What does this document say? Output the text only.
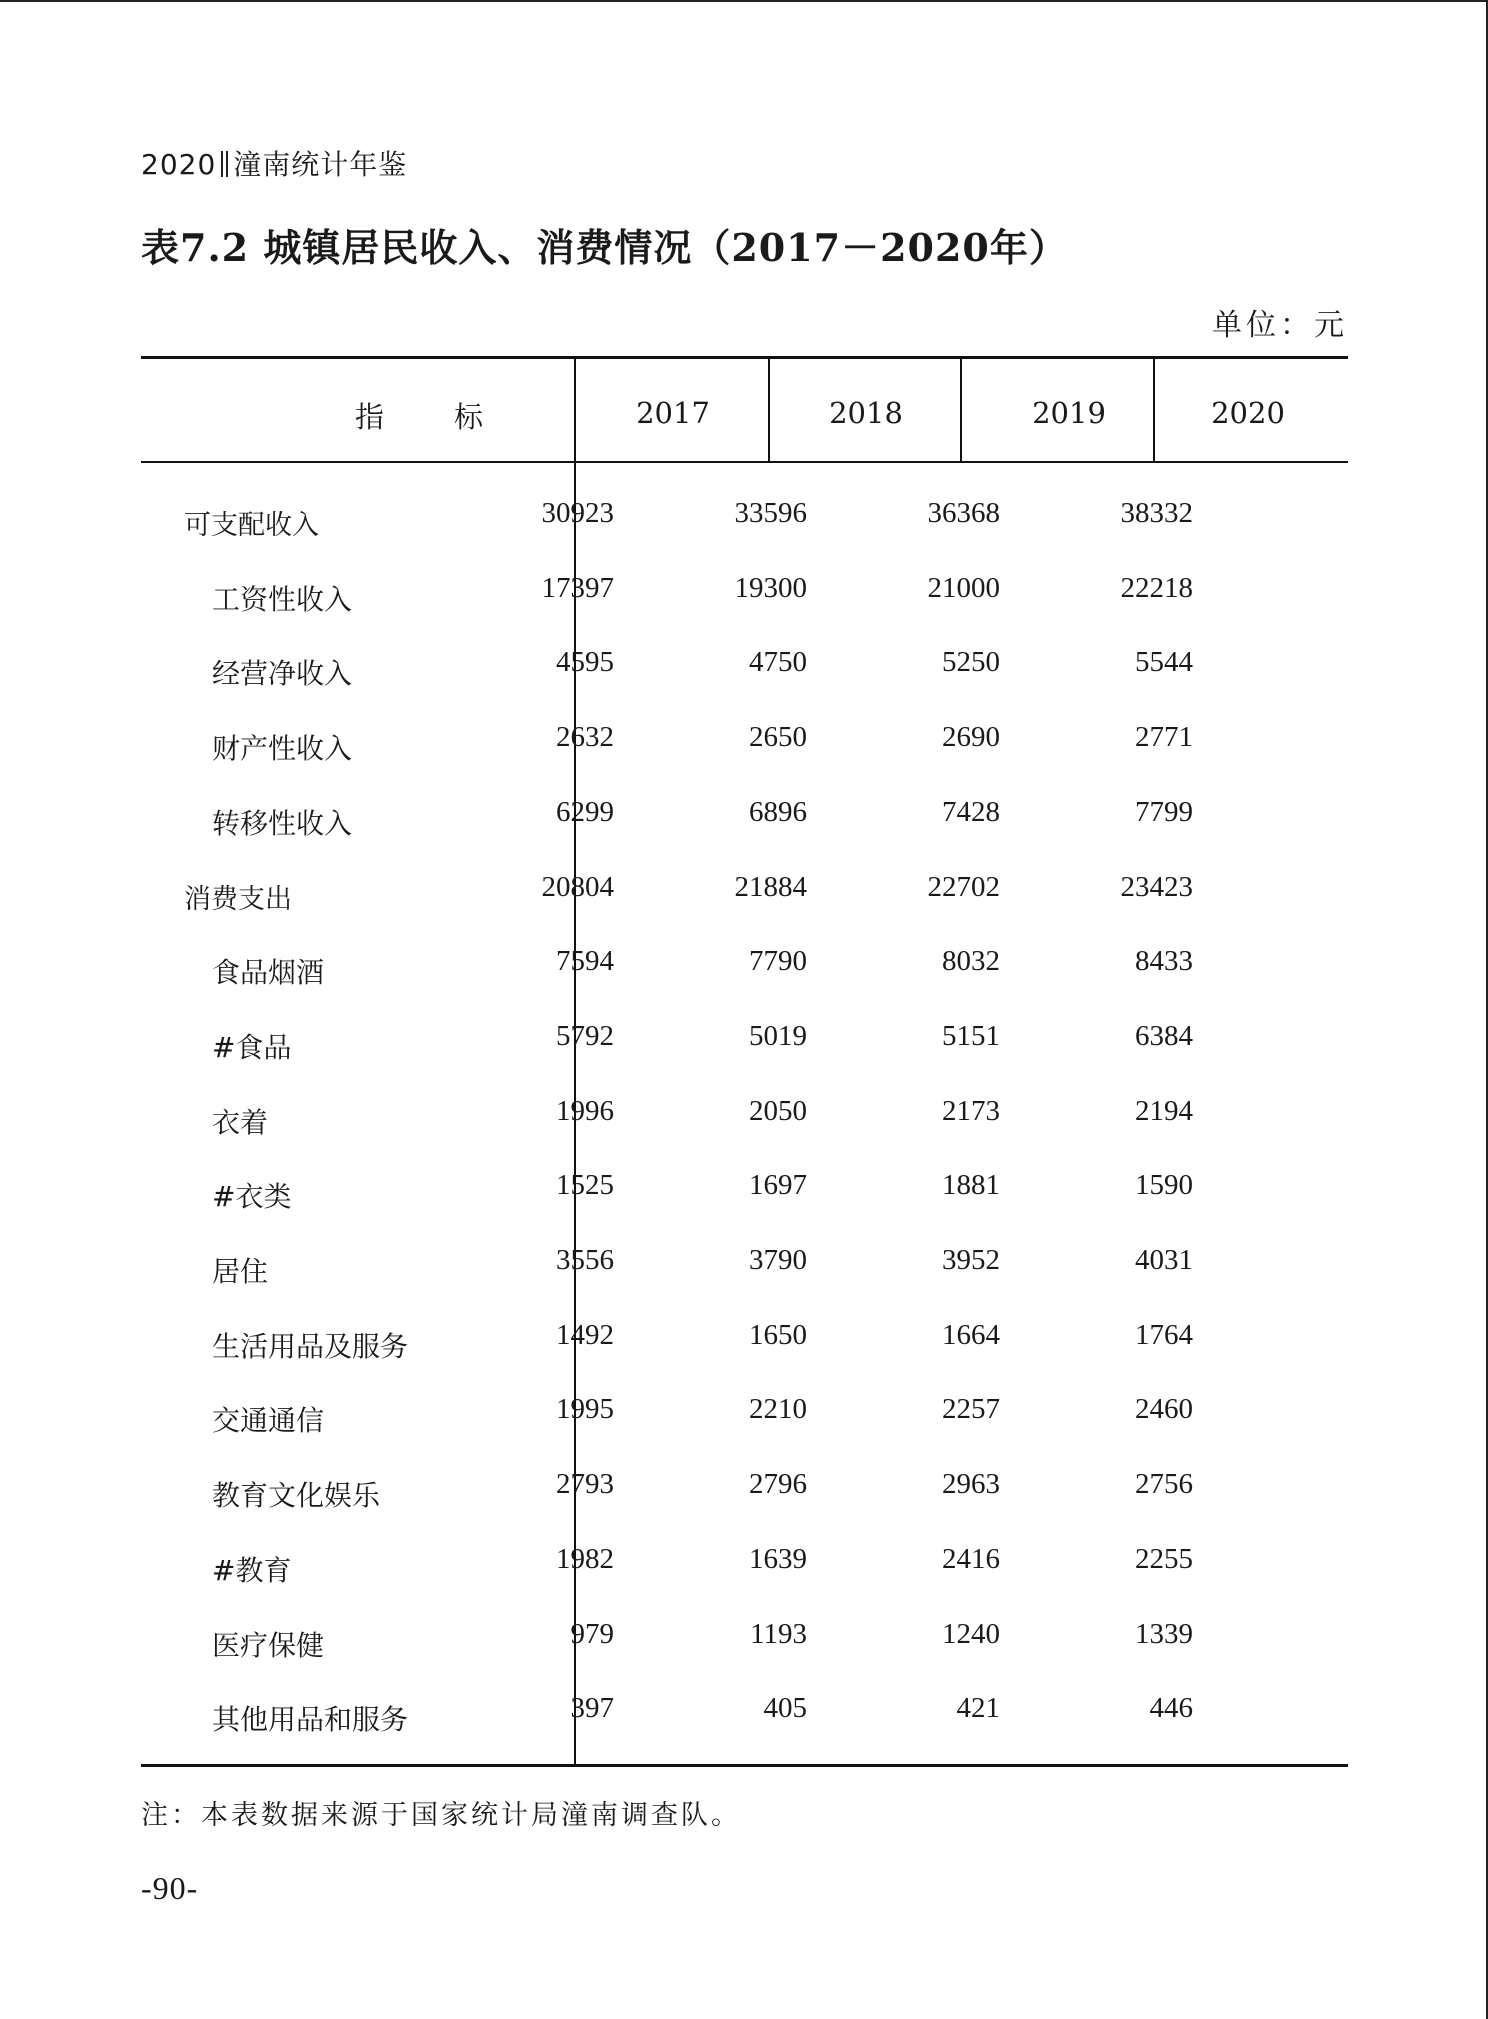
2020 潼南统计年鉴
表7.2 城镇居民收入、消费情况（2017－2020年）
单位：元
指 标	2017	2018	2019	2020
可支配收入	30923	33596	36368	38332
工资性收入	17397	19300	21000	22218
经营净收入	4595	4750	5250	5544
财产性收入	2632	2650	2690	2771
转移性收入	6299	6896	7428	7799
消费支出	20804	21884	22702	23423
食品烟酒	7594	7790	8032	8433
#食品	5792	5019	5151	6384
衣着	1996	2050	2173	2194
#衣类	1525	1697	1881	1590
居住	3556	3790	3952	4031
生活用品及服务	1492	1650	1664	1764
交通通信	1995	2210	2257	2460
教育文化娱乐	2793	2796	2963	2756
#教育	1982	1639	2416	2255
医疗保健	979	1193	1240	1339
其他用品和服务	397	405	421	446
注：本表数据来源于国家统计局潼南调查队。
-90-
